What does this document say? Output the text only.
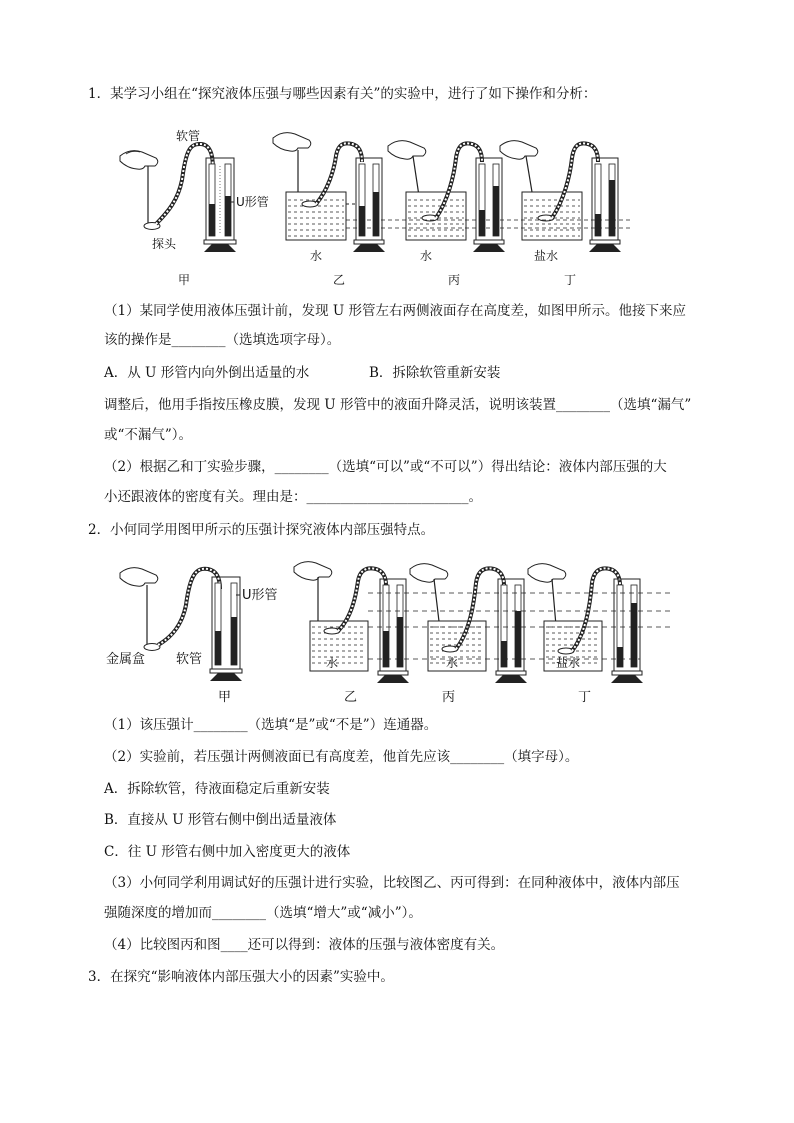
1．某学习小组在“探究液体压强与哪些因素有关”的实验中，进行了如下操作和分析：
软管
U形管
探头
水	水	盐水
甲	乙	丙	丁
（1）某同学使用液体压强计前，发现 U 形管左右两侧液面存在高度差，如图甲所示。他接下来应
该的操作是________（选填选项字母）。
A．从 U 形管内向外倒出适量的水	B．拆除软管重新安装
调整后，他用手指按压橡皮膜，发现 U 形管中的液面升降灵活，说明该装置________（选填“漏气”
或“不漏气”）。
（2）根据乙和丁实验步骤，________（选填“可以”或“不可以”）得出结论：液体内部压强的大
小还跟液体的密度有关。理由是：________________________。
2．小何同学用图甲所示的压强计探究液体内部压强特点。
U形管
金属盒 软管	水	水	盐水
甲	乙	丙	丁
（1）该压强计________（选填“是”或“不是”）连通器。
（2）实验前，若压强计两侧液面已有高度差，他首先应该________（填字母）。
A．拆除软管，待液面稳定后重新安装
B．直接从 U 形管右侧中倒出适量液体
C．往 U 形管右侧中加入密度更大的液体
（3）小何同学利用调试好的压强计进行实验，比较图乙、丙可得到：在同种液体中，液体内部压
强随深度的增加而________（选填“增大”或“减小”）。
（4）比较图丙和图____还可以得到：液体的压强与液体密度有关。
3．在探究“影响液体内部压强大小的因素”实验中。
